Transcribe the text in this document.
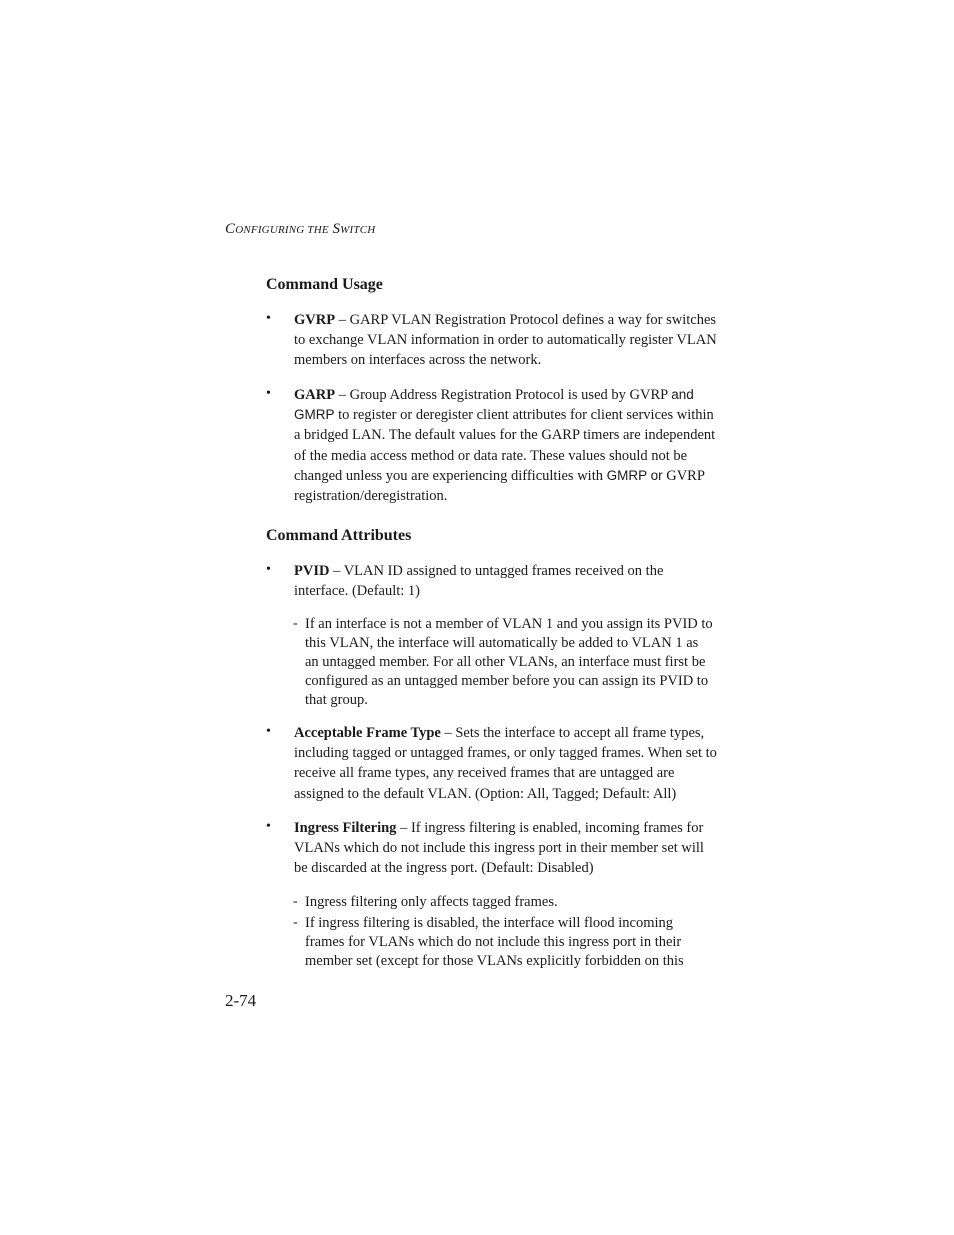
CONFIGURING THE SWITCH
Command Usage
• GVRP – GARP VLAN Registration Protocol defines a way for switches to exchange VLAN information in order to automatically register VLAN members on interfaces across the network.
• GARP – Group Address Registration Protocol is used by GVRP and GMRP to register or deregister client attributes for client services within a bridged LAN. The default values for the GARP timers are independent of the media access method or data rate. These values should not be changed unless you are experiencing difficulties with GMRP or GVRP registration/deregistration.
Command Attributes
• PVID – VLAN ID assigned to untagged frames received on the interface. (Default: 1)
- If an interface is not a member of VLAN 1 and you assign its PVID to this VLAN, the interface will automatically be added to VLAN 1 as an untagged member. For all other VLANs, an interface must first be configured as an untagged member before you can assign its PVID to that group.
• Acceptable Frame Type – Sets the interface to accept all frame types, including tagged or untagged frames, or only tagged frames. When set to receive all frame types, any received frames that are untagged are assigned to the default VLAN. (Option: All, Tagged; Default: All)
• Ingress Filtering – If ingress filtering is enabled, incoming frames for VLANs which do not include this ingress port in their member set will be discarded at the ingress port. (Default: Disabled)
- Ingress filtering only affects tagged frames.
- If ingress filtering is disabled, the interface will flood incoming frames for VLANs which do not include this ingress port in their member set (except for those VLANs explicitly forbidden on this
2-74
